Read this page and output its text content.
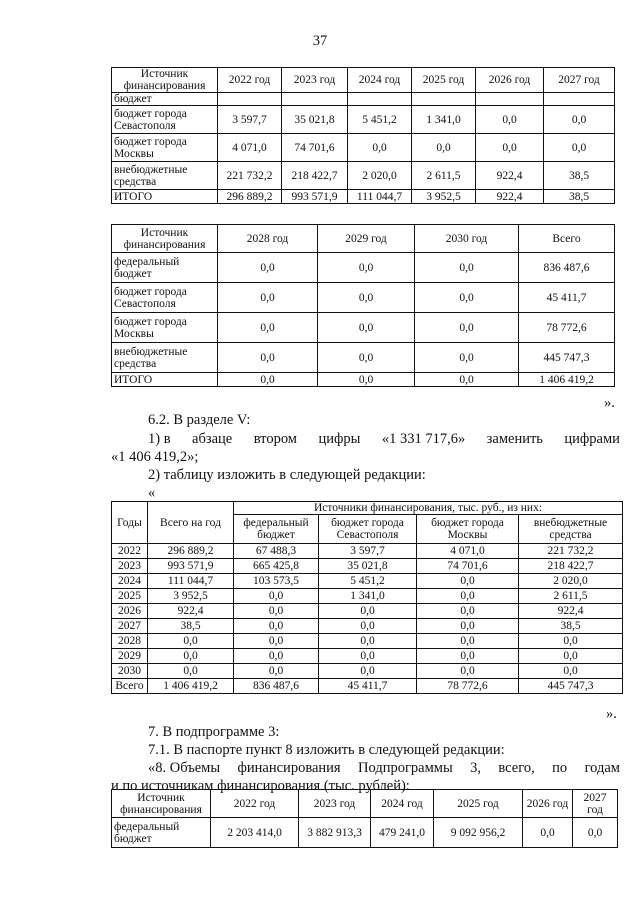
37
Источник финансирования	2022 год	2023 год	2024 год	2025 год	2026 год	2027 год
бюджет						
бюджет города Севастополя	3 597,7	35 021,8	5 451,2	1 341,0	0,0	0,0
бюджет города Москвы	4 071,0	74 701,6	0,0	0,0	0,0	0,0
внебюджетные средства	221 732,2	218 422,7	2 020,0	2 611,5	922,4	38,5
ИТОГО	296 889,2	993 571,9	111 044,7	3 952,5	922,4	38,5
Источник финансирования	2028 год	2029 год	2030 год	Всего
федеральный бюджет	0,0	0,0	0,0	836 487,6
бюджет города Севастополя	0,0	0,0	0,0	45 411,7
бюджет города Москвы	0,0	0,0	0,0	78 772,6
внебюджетные средства	0,0	0,0	0,0	445 747,3
ИТОГО	0,0	0,0	0,0	1 406 419,2
».
6.2. В разделе V:
1) в абзаце втором цифры «1 331 717,6» заменить цифрами
«1 406 419,2»;
2) таблицу изложить в следующей редакции:
«
Годы	Всего на год	Источники финансирования, тыс. руб., из них:			
		федеральный бюджет	бюджет города Севастополя	бюджет города Москвы	внебюджетные средства
2022	296 889,2	67 488,3	3 597,7	4 071,0	221 732,2
2023	993 571,9	665 425,8	35 021,8	74 701,6	218 422,7
2024	111 044,7	103 573,5	5 451,2	0,0	2 020,0
2025	3 952,5	0,0	1 341,0	0,0	2 611,5
2026	922,4	0,0	0,0	0,0	922,4
2027	38,5	0,0	0,0	0,0	38,5
2028	0,0	0,0	0,0	0,0	0,0
2029	0,0	0,0	0,0	0,0	0,0
2030	0,0	0,0	0,0	0,0	0,0
Всего	1 406 419,2	836 487,6	45 411,7	78 772,6	445 747,3
».
7. В подпрограмме 3:
7.1. В паспорте пункт 8 изложить в следующей редакции:
«8. Объемы финансирования Подпрограммы 3, всего, по годам
и по источникам финансирования (тыс. рублей):
Источник финансирования	2022 год	2023 год	2024 год	2025 год	2026 год	2027 год
федеральный бюджет	2 203 414,0	3 882 913,3	479 241,0	9 092 956,2	0,0	0,0
